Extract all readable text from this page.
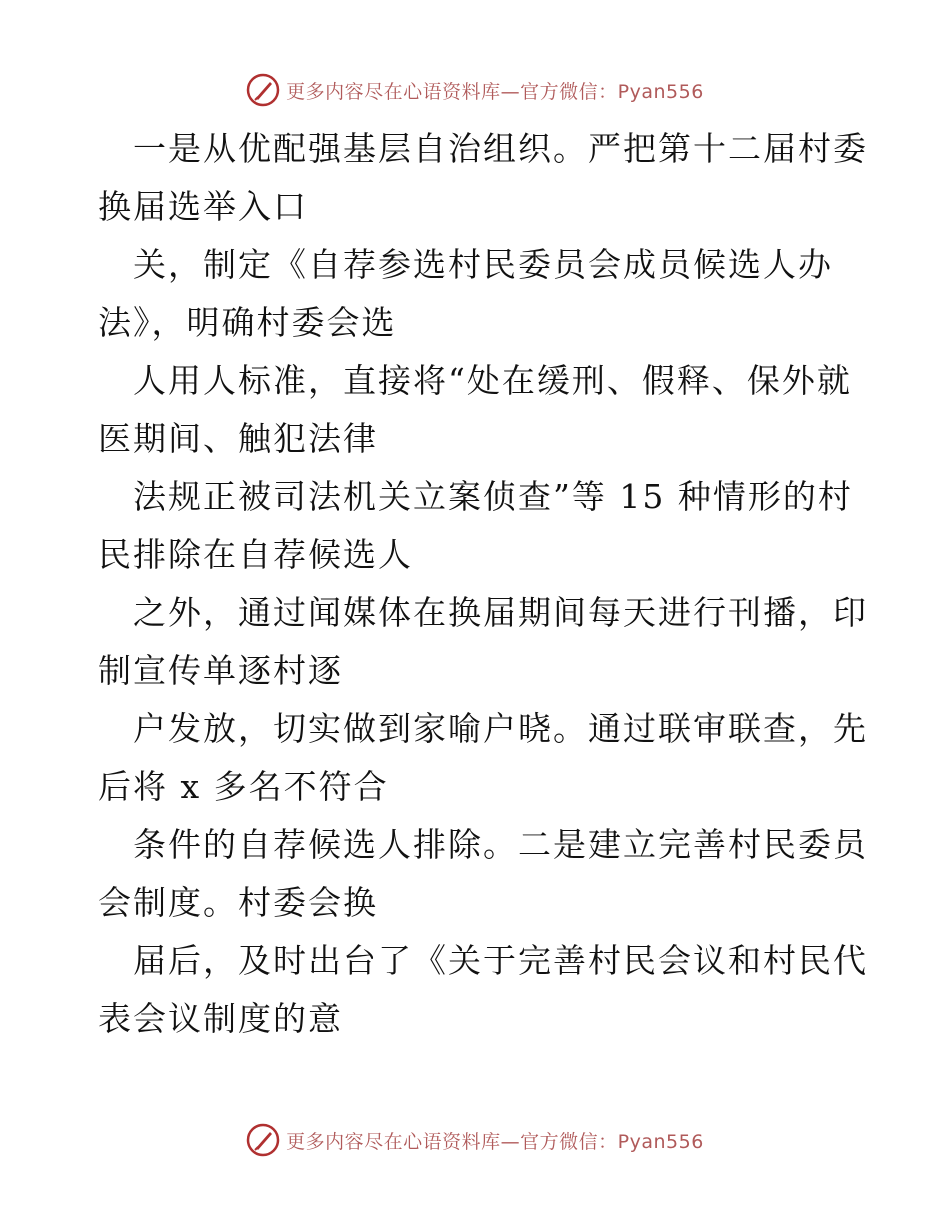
更多内容尽在心语资料库—官方微信：Pyan556

　一是从优配强基层自治组织。严把第十二届村委

换届选举入口

　关，制定《自荐参选村民委员会成员候选人办

法》，明确村委会选

　人用人标准，直接将“处在缓刑、假释、保外就

医期间、触犯法律

　法规正被司法机关立案侦查”等 15 种情形的村

民排除在自荐候选人

　之外，通过闻媒体在换届期间每天进行刊播，印

制宣传单逐村逐

　户发放，切实做到家喻户晓。通过联审联查，先

后将 x 多名不符合

　条件的自荐候选人排除。二是建立完善村民委员

会制度。村委会换

　届后，及时出台了《关于完善村民会议和村民代

表会议制度的意

更多内容尽在心语资料库—官方微信：Pyan556
